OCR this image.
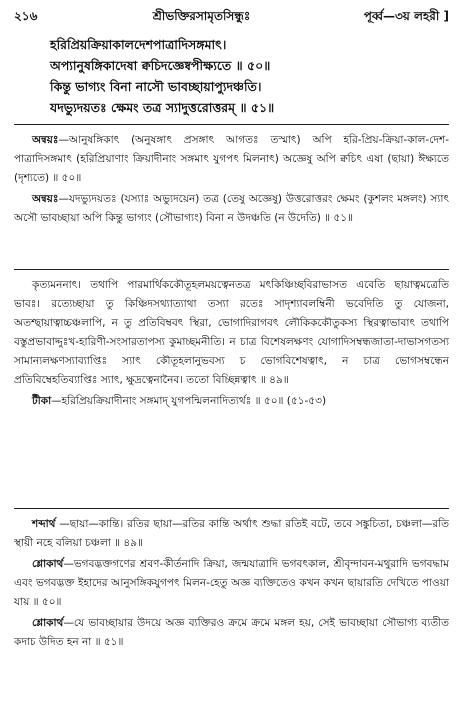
২১৬	শ্রীভক্তিরসামৃতসিন্ধুঃ	পূর্ব্ব—৩য় লহরী ]
হরিপ্রিয়ক্রিয়াকালদেশপাত্রাদিসঙ্গমাৎ।
অপ্যানুষঙ্গিকাদেষা ক্বচিদজ্ঞেষ্বপীক্ষ্যতে ॥ ৫০॥
কিন্তু ভাগ্যং বিনা নাসৌ ভাবচ্ছায়াপ্যুদঞ্চতি।
যদভ্যুদয়তঃ ক্ষেমং তত্র স্যাদুত্তরোত্তরম্ ॥ ৫১॥

অন্বয়ঃ—আনুষঙ্গিকাৎ (অনুষঙ্গাৎ প্রসঙ্গাৎ আগতঃ তস্মাৎ) অপি হরি-প্রিয়-ক্রিয়া-কাল-দেশ-পাত্রাদিসঙ্গমাৎ (হরিপ্রিয়াণাং ক্রিয়াদীনাং সঙ্গমাৎ যুগপৎ মিলনাৎ) অজ্ঞেষু অপি ক্বচিৎ এষা (ছায়া) ঈক্ষ্যতে (দৃশ্যতে) ॥ ৫০॥

অন্বয়ঃ—যদভ্যুদয়তঃ (যস্যাঃ অভ্যুদয়েন) তত্র (তেষু অজ্ঞেষু) উত্তরোত্তরং ক্ষেমং (কুশলং মঙ্গলং) স্যাৎ অসৌ ভাবচ্ছায়া অপি কিন্তু ভাগ্যং (সৌভাগ্যং) বিনা ন উদঞ্চতি (ন উদেতি) ॥ ৫১॥

কৃত্যমননাৎ। তথাপি পারমার্থিককৌতূহলময়ত্বেনতত্র মৎকিঞ্চিচ্ছবিরাভাসত এবেতি ছায়াত্বমত্রেতি ভাবঃ। রত্যেচ্ছায়া তু কিঞ্চিদসথ্যাত্যাথা তস্যা রতেঃ সাদৃশ্যাবলম্বিনী ভবেদিতি তু যোজনা, অতশ্ছায়াত্বাচ্চঞ্চলাপি, ন তু প্রতিবিম্ববৎ স্থিরা, ভোগাদিরাগবৎ লৌকিককৌতুকস্য স্থিরত্বাভাবাৎ তথাপি বস্তুপ্রভাবাদ্দুঃখ-হারিণী-সংসারতাপস্য কুমাচ্ছমনীতি। ন চাত্র বিশেষলক্ষণং যোগাদিসম্বন্ধজাতা-দাভাসগতস্য সামান্যলক্ষণস্যাব্যাপ্তিঃ স্যাৎ কৌতূহলানুভবস্য চ ভোগবিশেষত্বাৎ, ন চাত্র ভোগসম্বন্ধেন প্রতিবিম্বেহতিব্যাপ্তিঃ স্যাৎ, ক্ষুদ্রত্বেনানৈব। ততো বিচ্ছিন্নত্বাৎ ॥ ৪৯॥

টীকা—হরিপ্রিয়ক্রিয়াদীনাং সঙ্গমাদ্ যুগপন্মিলনাদিত্যর্থঃ ॥ ৫০॥ (৫১-৫৩)

শব্দার্থ —ছায়া—কান্তি। রতির ছায়া—রতির কান্তি অর্থাৎ শুদ্ধা রতিই বটে, তবে সঙ্কুচিতা, চঞ্চলা—রতি স্থায়ী নহে বলিয়া চঞ্চলা ॥ ৪৯॥

শ্লোকার্থ—ভগবদ্ভক্তগণের শ্রবণ-কীর্তনাদি ক্রিয়া, জন্মযাত্রাদি ভগবৎকাল, শ্রীবৃন্দাবন-মথুরাদি ভগবদ্ধাম এবং ভগবদ্ভক্ত ইহাদের আনুসঙ্গিকযুগপৎ মিলন-হেতু অজ্ঞ ব্যক্তিতেও কখন কখন ছায়ারতি দেখিতে পাওয়া যায় ॥ ৫০॥

শ্লোকার্থ—যে ভাবচ্ছায়ার উদয়ে অজ্ঞ ব্যক্তিরও ক্রমে ক্রমে মঙ্গল হয়, সেই ভাবচ্ছায়া সৌভাগ্য ব্যতীত কদাচ উদিত হন না ॥ ৫১॥
